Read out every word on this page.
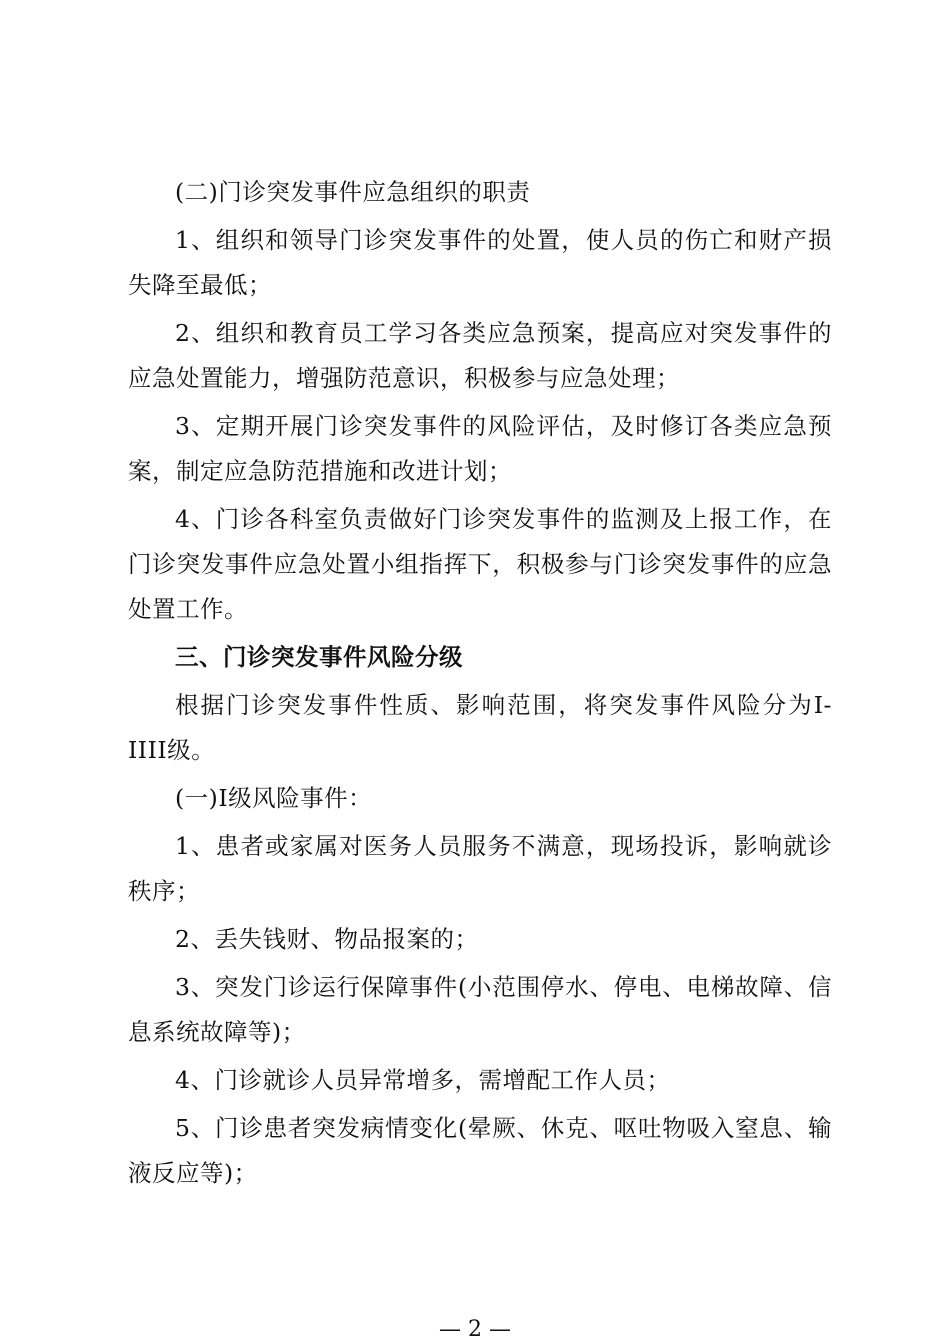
(二)门诊突发事件应急组织的职责

1、组织和领导门诊突发事件的处置，使人员的伤亡和财产损失降至最低；

2、组织和教育员工学习各类应急预案，提高应对突发事件的应急处置能力，增强防范意识，积极参与应急处理；

3、定期开展门诊突发事件的风险评估，及时修订各类应急预案，制定应急防范措施和改进计划；

4、门诊各科室负责做好门诊突发事件的监测及上报工作，在门诊突发事件应急处置小组指挥下，积极参与门诊突发事件的应急处置工作。

三、门诊突发事件风险分级

根据门诊突发事件性质、影响范围，将突发事件风险分为I-IIII级。

(一)I级风险事件：

1、患者或家属对医务人员服务不满意，现场投诉，影响就诊秩序；

2、丢失钱财、物品报案的；

3、突发门诊运行保障事件(小范围停水、停电、电梯故障、信息系统故障等)；

4、门诊就诊人员异常增多，需增配工作人员；

5、门诊患者突发病情变化(晕厥、休克、呕吐物吸入窒息、输液反应等)；

— 2 —
